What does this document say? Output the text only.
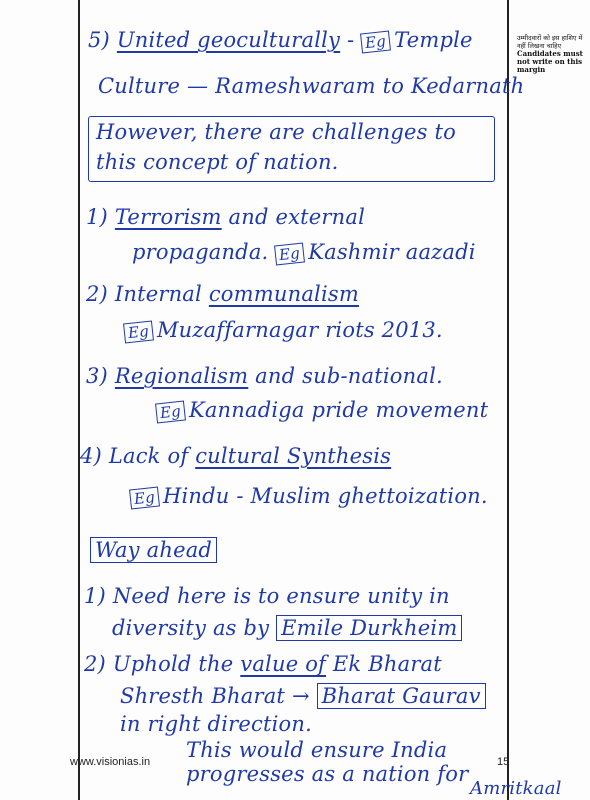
उम्मीदवारों को इस हाशिए में नहीं लिखना चाहिए
Candidates must not write on this margin
5) United geoculturally - Eg Temple
Culture — Rameshwaram to Kedarnath
However, there are challenges to
this concept of nation.
1) Terrorism and external
propaganda. Eg Kashmir aazadi
2) Internal communalism
Eg Muzaffarnagar riots 2013.
3) Regionalism and sub-national.
Eg Kannadiga pride movement
4) Lack of cultural Synthesis
Eg Hindu - Muslim ghettoization.
Way ahead
1) Need here is to ensure unity in
diversity as by Emile Durkheim
2) Uphold the value of Ek Bharat
Shresth Bharat → Bharat Gaurav
in right direction.
This would ensure India
progresses as a nation for
Amritkaal
www.visionias.in	15
